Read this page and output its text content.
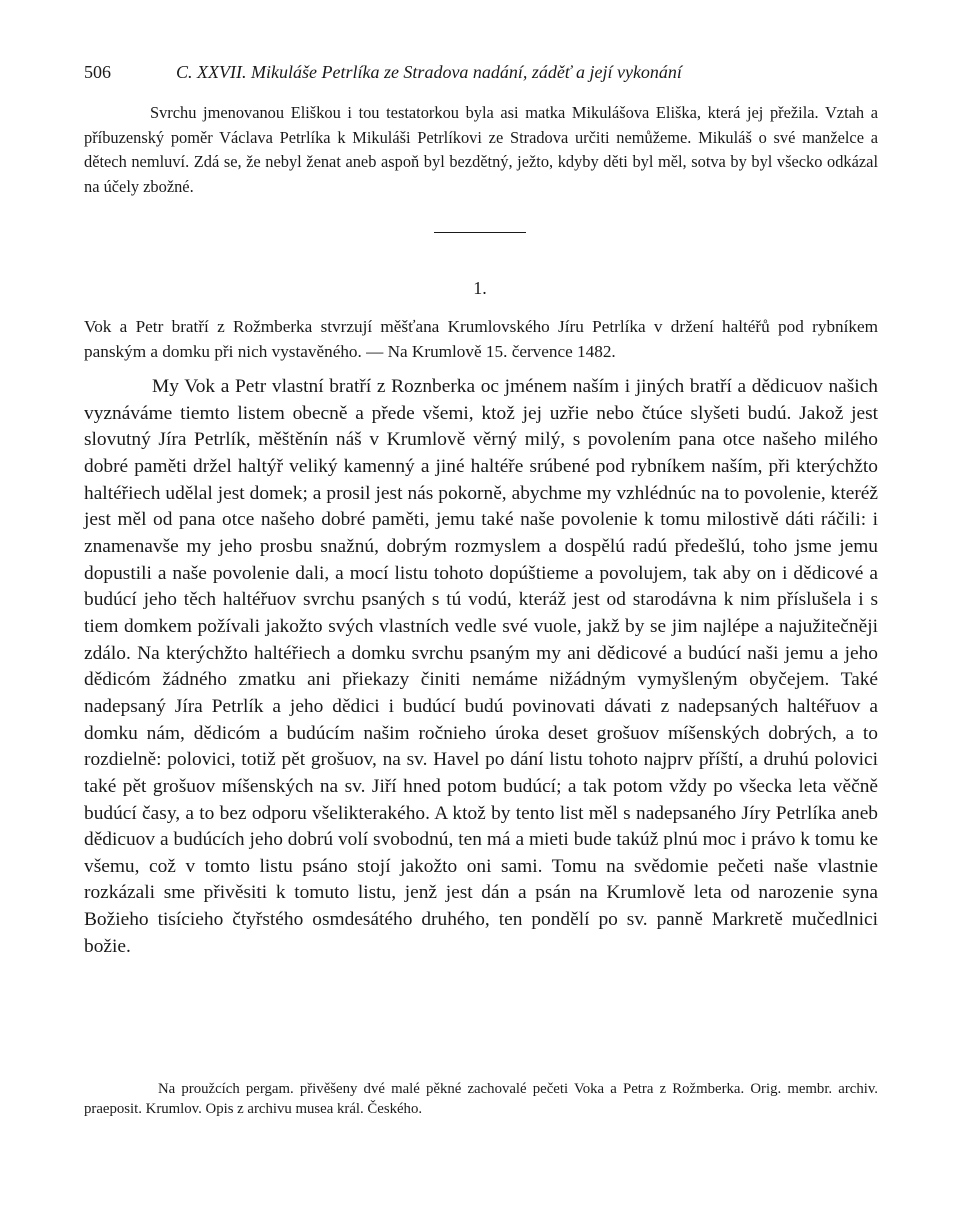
506	C. XXVII. Mikuláše Petrlíka ze Stradova nadání, záděť a její vykonání

Svrchu jmenovanou Eliškou i tou testatorkou byla asi matka Mikulášova Eliška, která jej přežila. Vztah a příbuzenský poměr Václava Petrlíka k Mikuláši Petrlíkovi ze Stradova určiti nemůžeme. Mikuláš o své manželce a dětech nemluví. Zdá se, že nebyl ženat aneb aspoň byl bezdětný, ježto, kdyby děti byl měl, sotva by byl všecko odkázal na účely zbožné.

1.

Vok a Petr bratří z Rožmberka stvrzují měšťana Krumlovského Jíru Petrlíka v držení haltéřů pod rybníkem panským a domku při nich vystavěného. — Na Krumlově 15. července 1482.

My Vok a Petr vlastní bratří z Roznberka oc jménem naším i jiných bratří a dědicuov našich vyznáváme tiemto listem obecně a přede všemi, ktož jej uzřie nebo čtúce slyšeti budú. Jakož jest slovutný Jíra Petrlík, měštěnín náš v Krumlově věrný milý, s povolením pana otce našeho milého dobré paměti držel haltýř veliký kamenný a jiné haltéře srúbené pod rybníkem naším, při kterýchžto haltéřiech udělal jest domek; a prosil jest nás pokorně, abychme my vzhlédnúc na to povolenie, kteréž jest měl od pana otce našeho dobré paměti, jemu také naše povolenie k tomu milostivě dáti ráčili: i znamenavše my jeho prosbu snažnú, dobrým rozmyslem a dospělú radú předešlú, toho jsme jemu dopustili a naše povolenie dali, a mocí listu tohoto dopúštieme a povolujem, tak aby on i dědicové a budúcí jeho těch haltéřuov svrchu psaných s tú vodú, kteráž jest od starodávna k nim příslušela i s tiem domkem požívali jakožto svých vlastních vedle své vuole, jakž by se jim najlépe a najužitečněji zdálo. Na kterýchžto haltéřiech a domku svrchu psaným my ani dědicové a budúcí naši jemu a jeho dědicóm žádného zmatku ani přiekazy činiti nemáme nižádným vymyšleným obyčejem. Také nadepsaný Jíra Petrlík a jeho dědici i budúcí budú povinovati dávati z nadepsaných haltéřuov a domku nám, dědicóm a budúcím našim ročnieho úroka deset grošuov míšenských dobrých, a to rozdielně: polovici, totiž pět grošuov, na sv. Havel po dání listu tohoto najprv příští, a druhú polovici také pět grošuov míšenských na sv. Jiří hned potom budúcí; a tak potom vždy po všecka leta věčně budúcí časy, a to bez odporu všelikterakého. A ktož by tento list měl s nadepsaného Jíry Petrlíka aneb dědicuov a budúcích jeho dobrú volí svobodnú, ten má a mieti bude takúž plnú moc i právo k tomu ke všemu, což v tomto listu psáno stojí jakožto oni sami. Tomu na svědomie pečeti naše vlastnie rozkázali sme přivěsiti k tomuto listu, jenž jest dán a psán na Krumlově leta od narozenie syna Božieho tisícieho čtyřstého osmdesátého druhého, ten pondělí po sv. panně Markretě mučedlnici božie.

Na proužcích pergam. přivěšeny dvé malé pěkné zachovalé pečeti Voka a Petra z Rožmberka. Orig. membr. archiv. praeposit. Krumlov. Opis z archivu musea král. Českého.
